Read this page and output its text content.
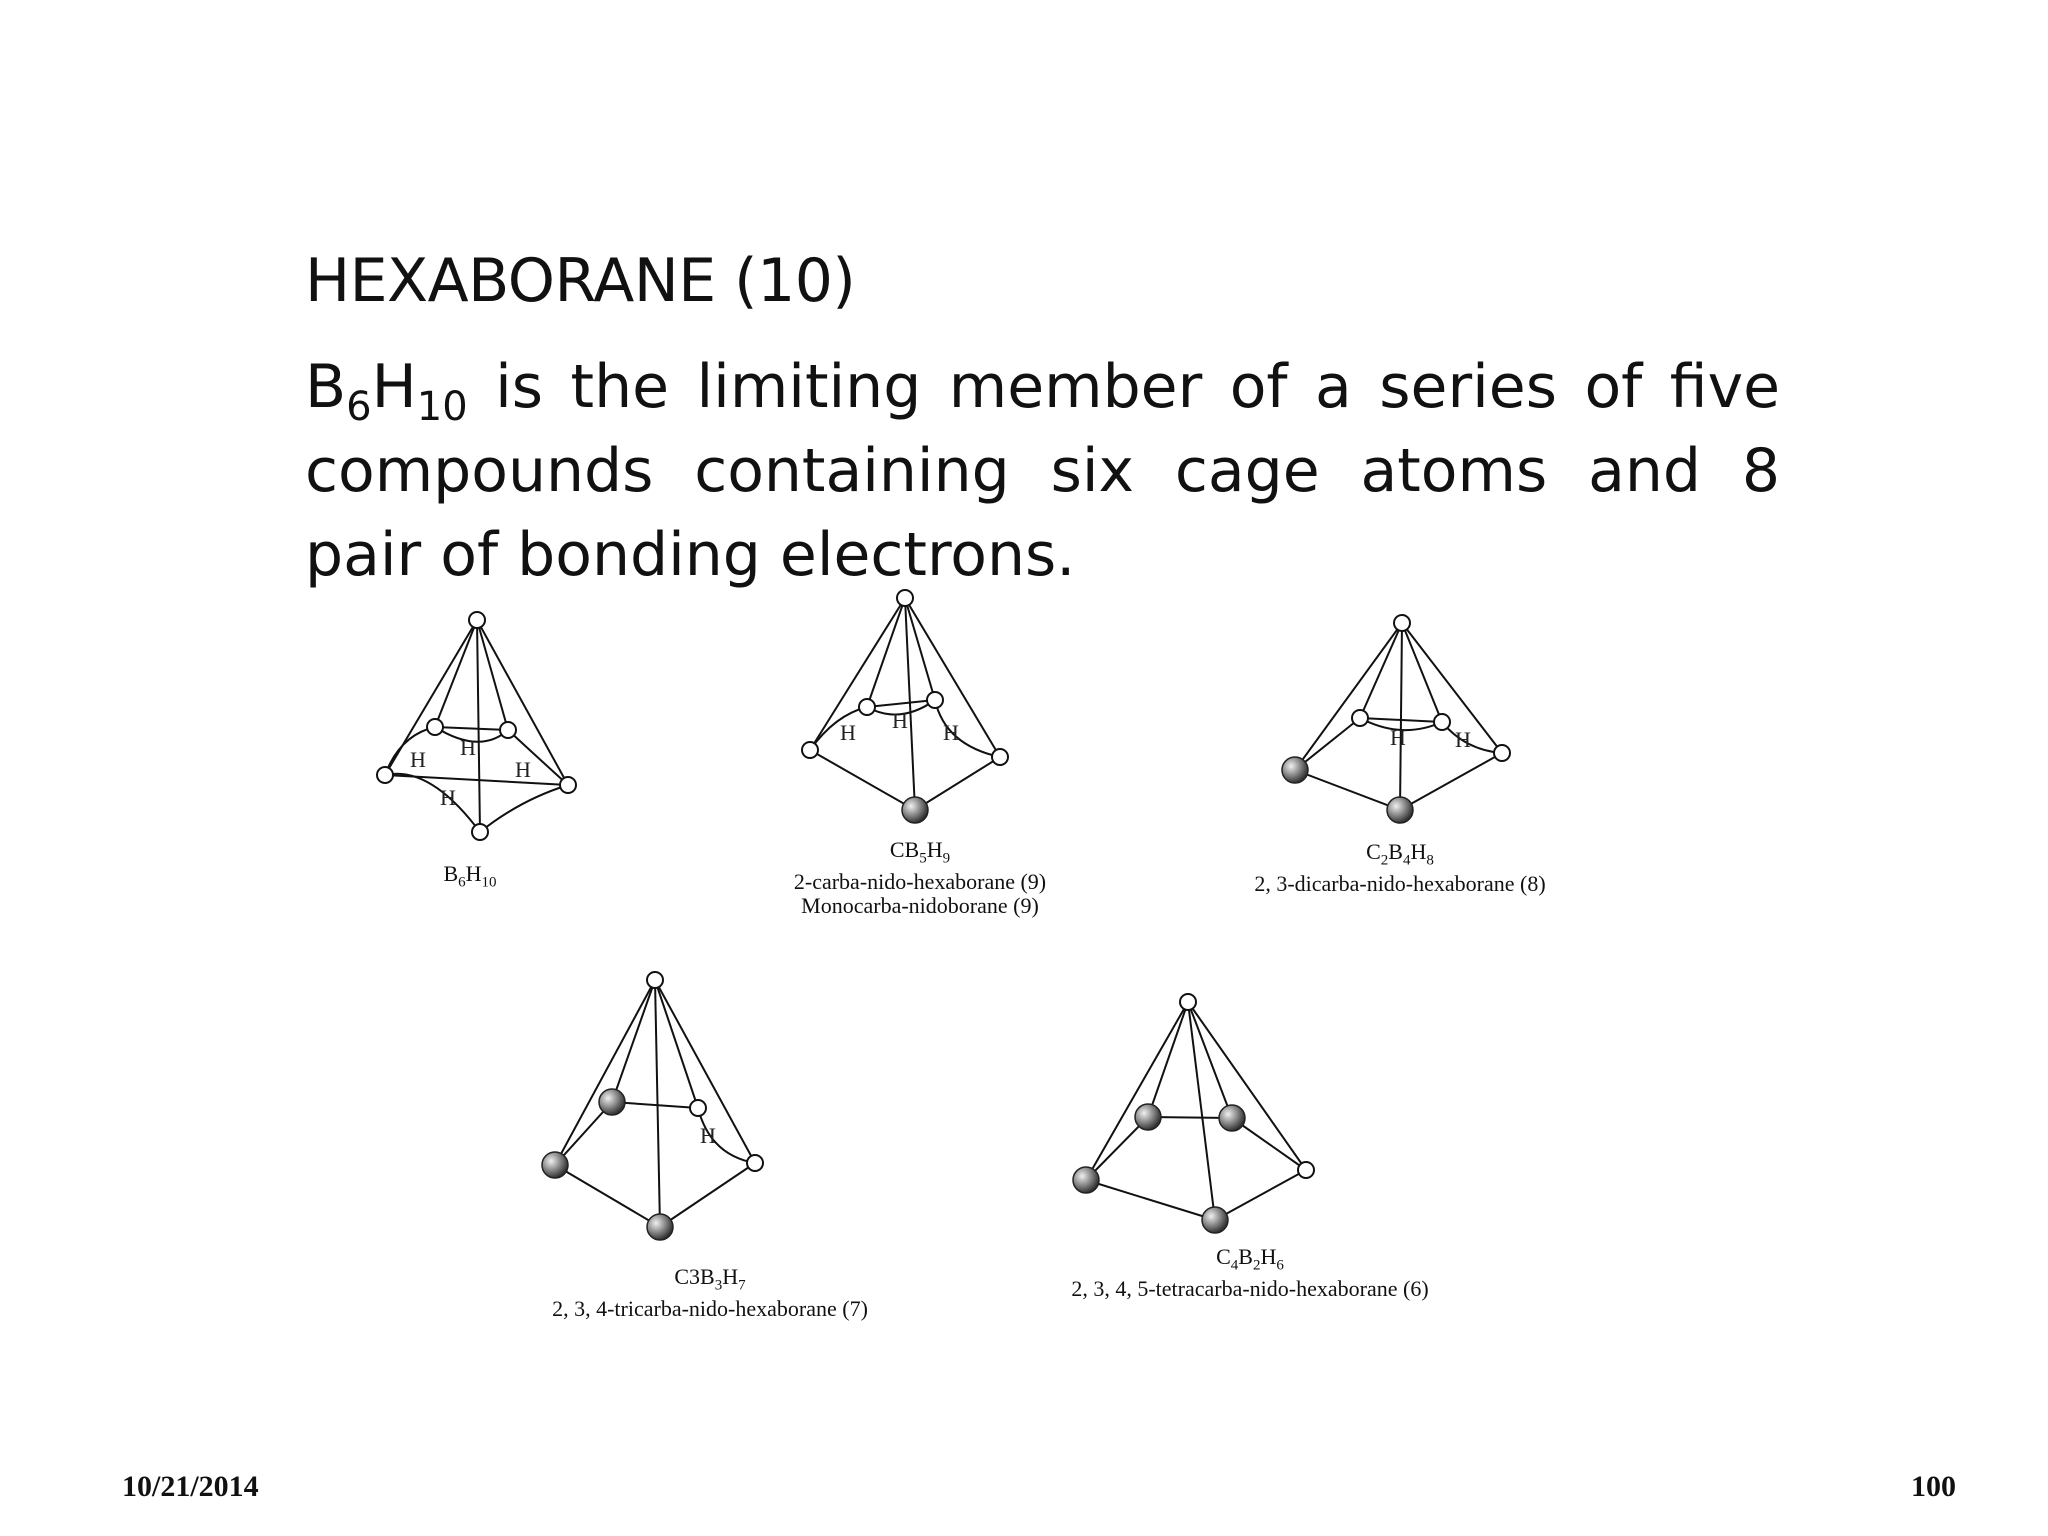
HEXABORANE (10)

$B_6H_{10}$ is the limiting member of a series of five compounds containing six cage atoms and 8 pair of bonding electrons.

H H
H
H
$B_6H_{10}$
H H H
$CB_5H_9$
2-carba-nido-hexaborane (9)
Monocarba-nidoborane (9)
H H
$C_2B_4H_8$
2, 3-dicarba-nido-hexaborane (8)
H
$C3B_3H_7$
2, 3, 4-tricarba-nido-hexaborane (7)
$C_4B_2H_6$
2, 3, 4, 5-tetracarba-nido-hexaborane (6)
10/21/2014	100
